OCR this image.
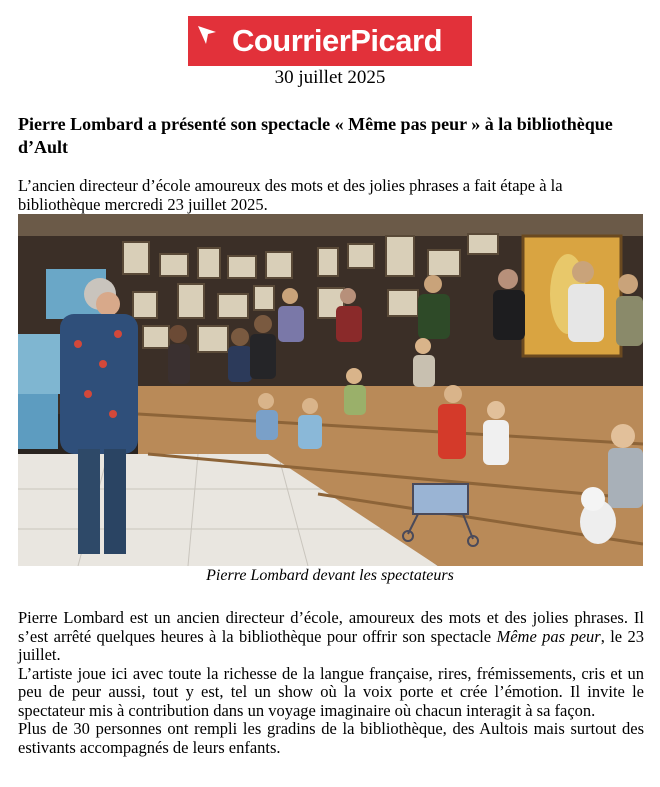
CourrierPicard
30 juillet 2025
Pierre Lombard a présenté son spectacle « Même pas peur » à la bibliothèque d’Ault

L’ancien directeur d’école amoureux des mots et des jolies phrases a fait étape à la bibliothèque mercredi 23 juillet 2025.

Pierre Lombard devant les spectateurs

Pierre Lombard est un ancien directeur d’école, amoureux des mots et des jolies phrases. Il s’est arrêté quelques heures à la bibliothèque pour offrir son spectacle Même pas peur, le 23 juillet.

L’artiste joue ici avec toute la richesse de la langue française, rires, frémissements, cris et un peu de peur aussi, tout y est, tel un show où la voix porte et crée l’émotion. Il invite le spectateur mis à contribution dans un voyage imaginaire où chacun interagit à sa façon.

Plus de 30 personnes ont rempli les gradins de la bibliothèque, des Aultois mais surtout des estivants accompagnés de leurs enfants.
